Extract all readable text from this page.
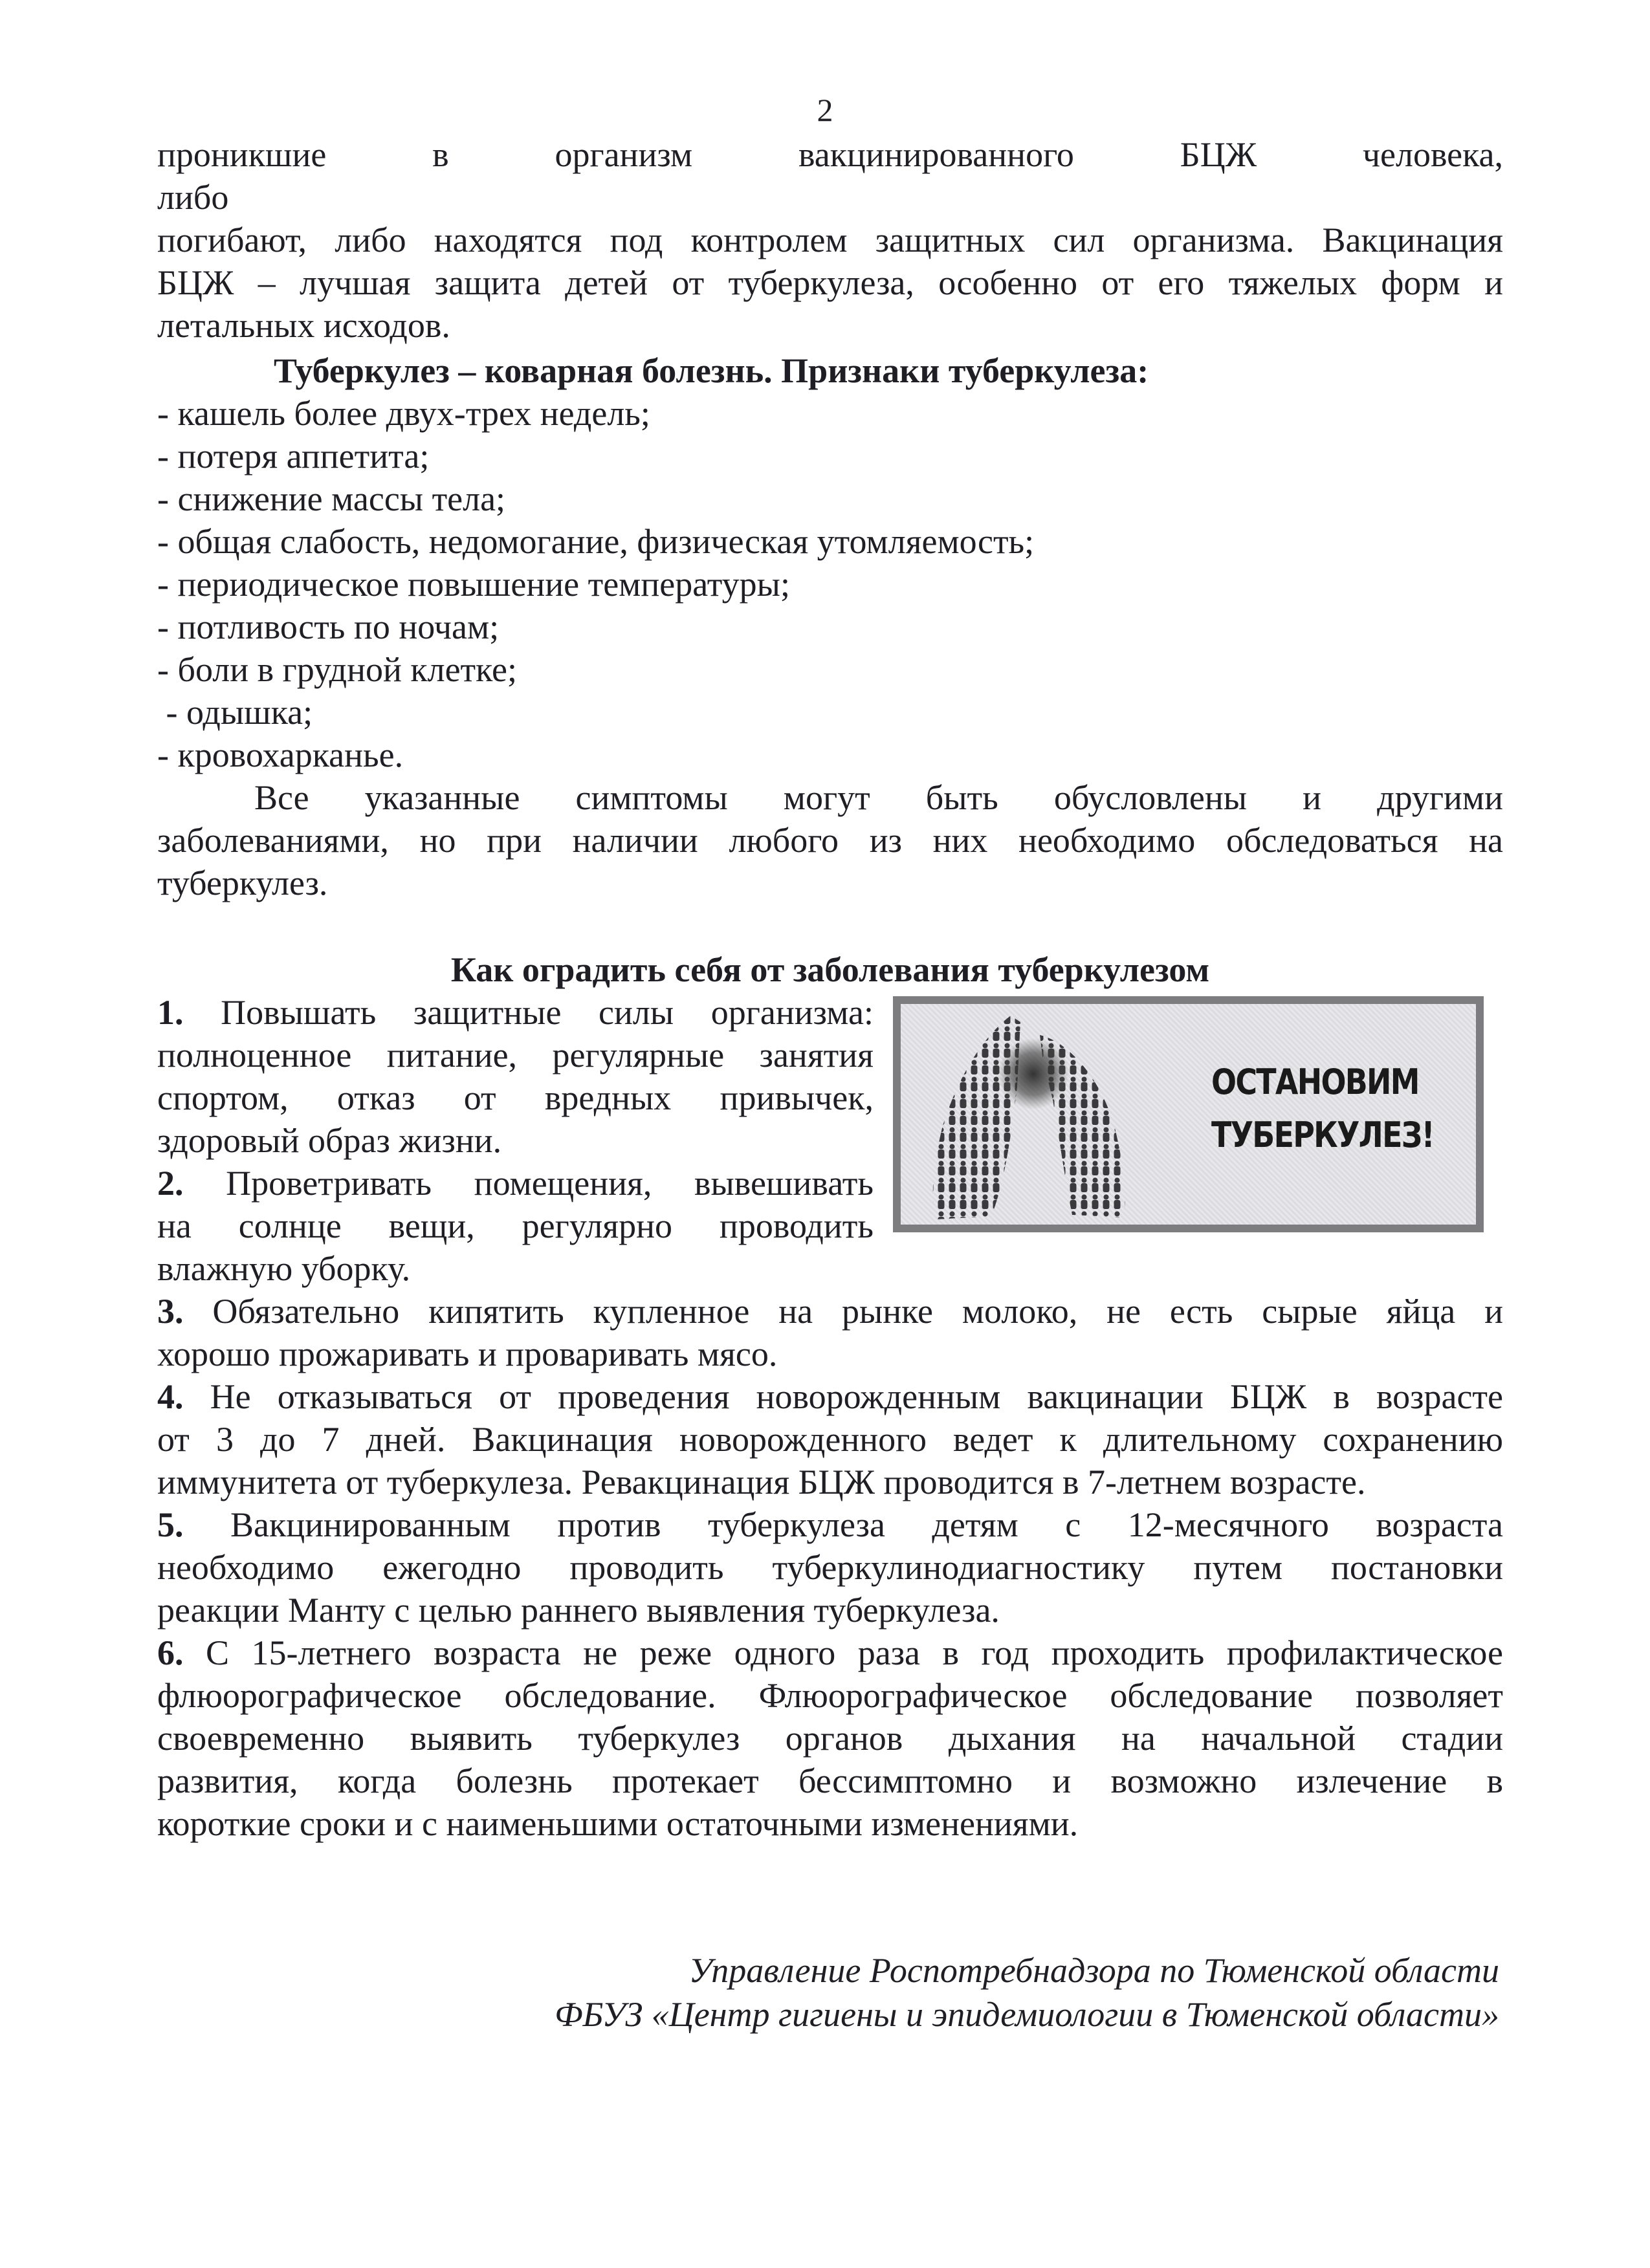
2

проникшие в организм вакцинированного БЦЖ человека, либо

погибают, либо находятся под контролем защитных сил организма. Вакцинация

БЦЖ – лучшая защита детей от туберкулеза, особенно от его тяжелых форм и

летальных исходов.

Туберкулез – коварная болезнь. Признаки туберкулеза:
- кашель более двух-трех недель;
- потеря аппетита;
- снижение массы тела;
- общая слабость, недомогание, физическая утомляемость;
- периодическое повышение температуры;
- потливость по ночам;
- боли в грудной клетке;
- одышка;
- кровохарканье.

Все указанные симптомы могут быть обусловлены и другими

заболеваниями, но при наличии любого из них необходимо обследоваться на

туберкулез.

Как оградить себя от заболевания туберкулезом
ОСТАНОВИМ
ТУБЕРКУЛЕЗ!

1. Повышать защитные силы организма:

полноценное питание, регулярные занятия

спортом, отказ от вредных привычек,

здоровый образ жизни.

2. Проветривать помещения, вывешивать

на солнце вещи, регулярно проводить

влажную уборку.

3. Обязательно кипятить купленное на рынке молоко, не есть сырые яйца и

хорошо прожаривать и проваривать мясо.

4. Не отказываться от проведения новорожденным вакцинации БЦЖ в возрасте

от 3 до 7 дней. Вакцинация новорожденного ведет к длительному сохранению

иммунитета от туберкулеза. Ревакцинация БЦЖ проводится в 7-летнем возрасте.

5. Вакцинированным против туберкулеза детям с 12-месячного возраста

необходимо ежегодно проводить туберкулинодиагностику путем постановки

реакции Манту с целью раннего выявления туберкулеза.

6. С 15-летнего возраста не реже одного раза в год проходить профилактическое

флюорографическое обследование. Флюорографическое обследование позволяет

своевременно выявить туберкулез органов дыхания на начальной стадии

развития, когда болезнь протекает бессимптомно и возможно излечение в

короткие сроки и с наименьшими остаточными изменениями.

Управление Роспотребнадзора по Тюменской области
ФБУЗ «Центр гигиены и эпидемиологии в Тюменской области»
